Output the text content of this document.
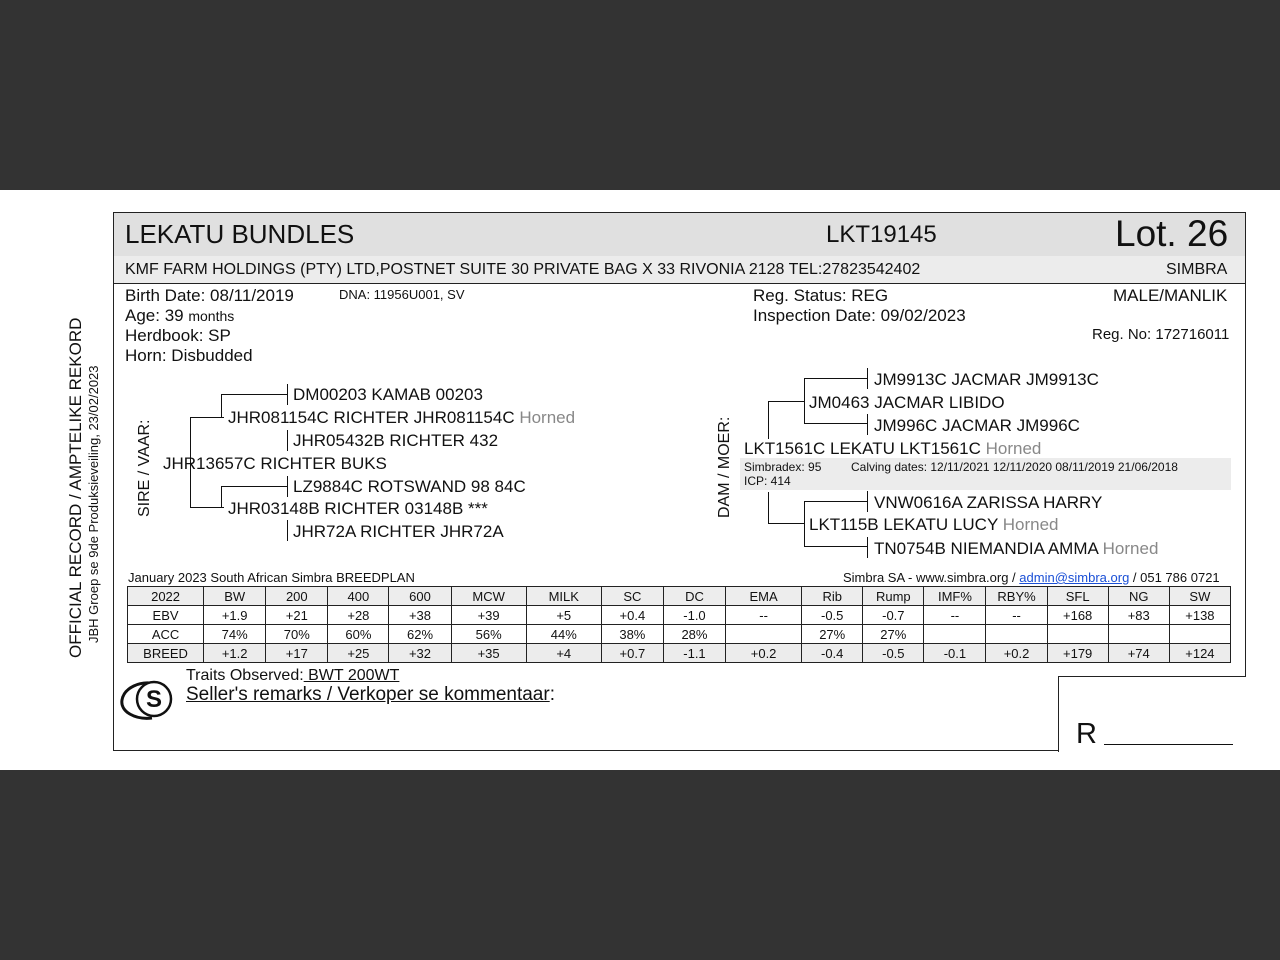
OFFICIAL RECORD / AMPTELIKE REKORD JBH Groep se 9de Produksieveiling, 23/02/2023
LEKATU BUNDLES	LKT19145	Lot. 26
KMF FARM HOLDINGS (PTY) LTD,POSTNET SUITE 30 PRIVATE BAG X 33 RIVONIA 2128 TEL:27823542402	SIMBRA
Birth Date: 08/11/2019	DNA: 11956U001, SV
Age: 39 months
Herdbook: SP
Horn: Disbudded
Reg. Status: REG
Inspection Date: 09/02/2023
MALE/MANLIK
Reg. No: 172716011
SIRE / VAAR:
DM00203 KAMAB 00203
JHR081154C RICHTER JHR081154C Horned
JHR05432B RICHTER 432
JHR13657C RICHTER BUKS
LZ9884C ROTSWAND 98 84C
JHR03148B RICHTER 03148B ***
JHR72A RICHTER JHR72A
DAM / MOER:
JM9913C JACMAR JM9913C
JM0463 JACMAR LIBIDO
JM996C JACMAR JM996C
LKT1561C LEKATU LKT1561C Horned
Simbradex: 95 Calving dates: 12/11/2021 12/11/2020 08/11/2019 21/06/2018
ICP: 414
VNW0616A ZARISSA HARRY
LKT115B LEKATU LUCY Horned
TN0754B NIEMANDIA AMMA Horned
January 2023 South African Simbra BREEDPLAN	Simbra SA - www.simbra.org / admin@simbra.org / 051 786 0721
2022	BW	200	400	600	MCW	MILK	SC	DC	EMA	Rib	Rump	IMF%	RBY%	SFL	NG	SW
EBV	+1.9	+21	+28	+38	+39	+5	+0.4	-1.0	--	-0.5	-0.7	--	--	+168	+83	+138
ACC	74%	70%	60%	62%	56%	44%	38%	28%		27%	27%					
BREED	+1.2	+17	+25	+32	+35	+4	+0.7	-1.1	+0.2	-0.4	-0.5	-0.1	+0.2	+179	+74	+124
S
Traits Observed: BWT 200WT
Seller's remarks / Verkoper se kommentaar:
R
